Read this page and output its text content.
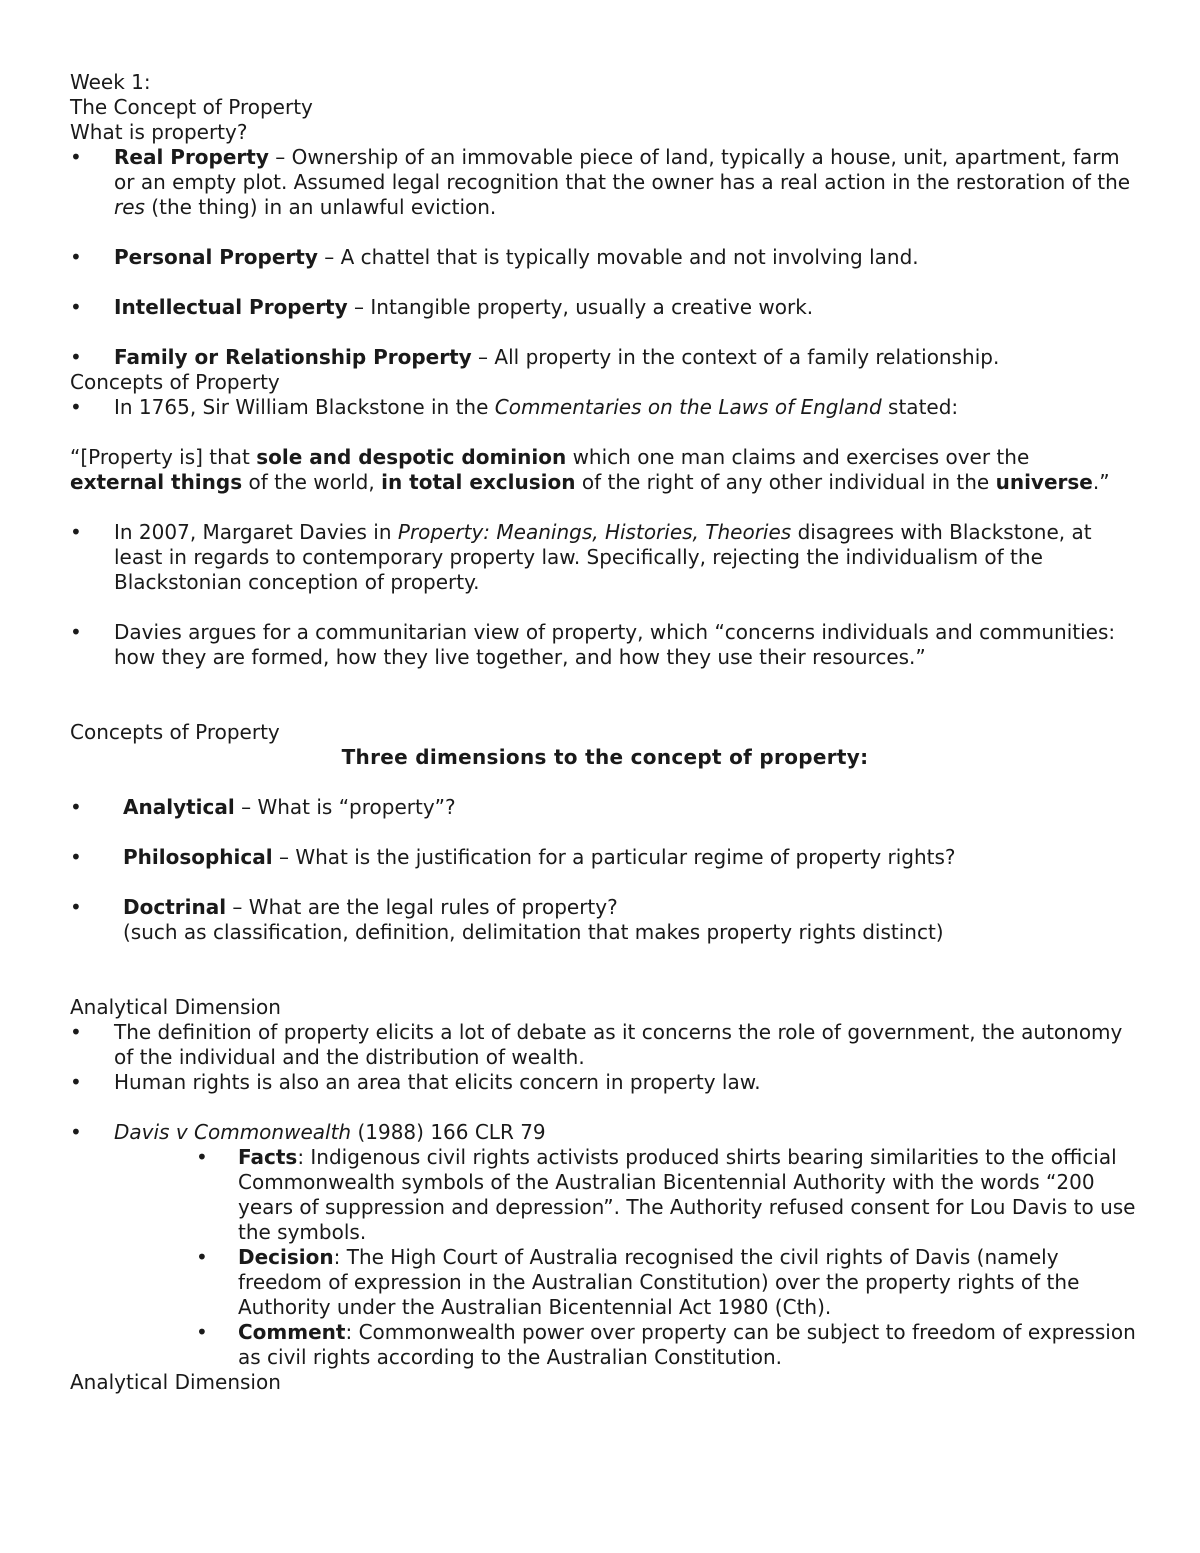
Week 1:

The Concept of Property

What is property?

• Real Property – Ownership of an immovable piece of land, typically a house, unit, apartment, farm or an empty plot. Assumed legal recognition that the owner has a real action in the restoration of the res (the thing) in an unlawful eviction.
• Personal Property – A chattel that is typically movable and not involving land.
• Intellectual Property – Intangible property, usually a creative work.
• Family or Relationship Property – All property in the context of a family relationship.

Concepts of Property

• In 1765, Sir William Blackstone in the Commentaries on the Laws of England stated:

“[Property is] that sole and despotic dominion which one man claims and exercises over the external things of the world, in total exclusion of the right of any other individual in the universe.”

• In 2007, Margaret Davies in Property: Meanings, Histories, Theories disagrees with Blackstone, at least in regards to contemporary property law. Specifically, rejecting the individualism of the Blackstonian conception of property.
• Davies argues for a communitarian view of property, which “concerns individuals and communities: how they are formed, how they live together, and how they use their resources.”

Concepts of Property

Three dimensions to the concept of property:

• Analytical – What is “property”?
• Philosophical – What is the justification for a particular regime of property rights?
• Doctrinal – What are the legal rules of property?
(such as classification, definition, delimitation that makes property rights distinct)

Analytical Dimension

• The definition of property elicits a lot of debate as it concerns the role of government, the autonomy of the individual and the distribution of wealth.
• Human rights is also an area that elicits concern in property law.
• Davis v Commonwealth (1988) 166 CLR 79
• Facts: Indigenous civil rights activists produced shirts bearing similarities to the official Commonwealth symbols of the Australian Bicentennial Authority with the words “200 years of suppression and depression”. The Authority refused consent for Lou Davis to use the symbols.
• Decision: The High Court of Australia recognised the civil rights of Davis (namely freedom of expression in the Australian Constitution) over the property rights of the Authority under the Australian Bicentennial Act 1980 (Cth).
• Comment: Commonwealth power over property can be subject to freedom of expression as civil rights according to the Australian Constitution.

Analytical Dimension
